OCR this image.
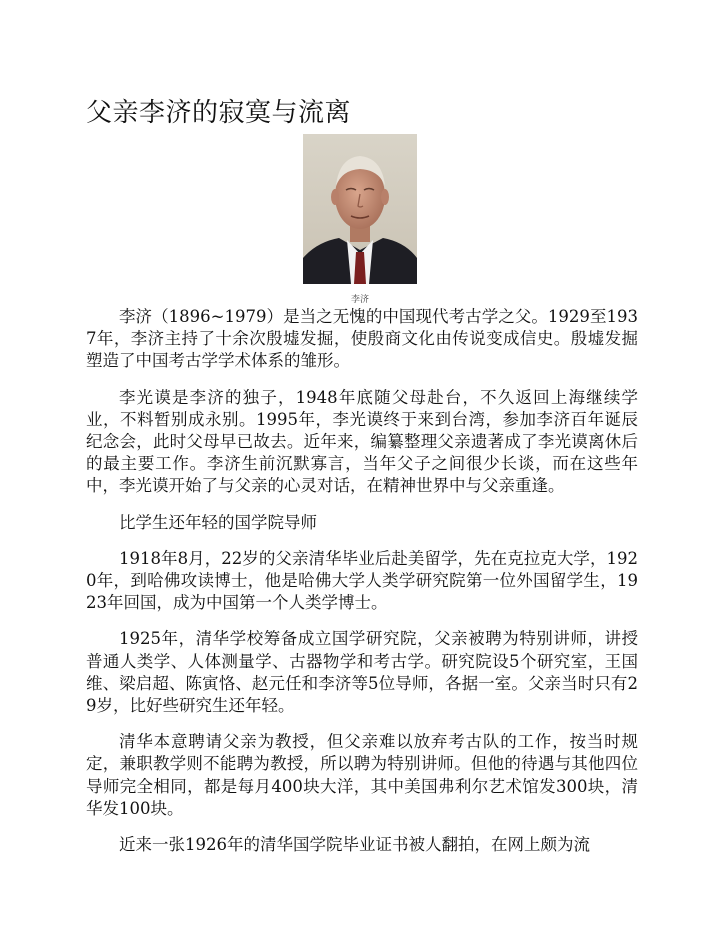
父亲李济的寂寞与流离
李济

李济（1896~1979）是当之无愧的中国现代考古学之父。1929至1937年，李济主持了十余次殷墟发掘，使殷商文化由传说变成信史。殷墟发掘塑造了中国考古学学术体系的雏形。

李光谟是李济的独子，1948年底随父母赴台，不久返回上海继续学业，不料暂别成永别。1995年，李光谟终于来到台湾，参加李济百年诞辰纪念会，此时父母早已故去。近年来，编纂整理父亲遗著成了李光谟离休后的最主要工作。李济生前沉默寡言，当年父子之间很少长谈，而在这些年中，李光谟开始了与父亲的心灵对话，在精神世界中与父亲重逢。

比学生还年轻的国学院导师

1918年8月，22岁的父亲清华毕业后赴美留学，先在克拉克大学，1920年，到哈佛攻读博士，他是哈佛大学人类学研究院第一位外国留学生，1923年回国，成为中国第一个人类学博士。

1925年，清华学校筹备成立国学研究院，父亲被聘为特别讲师，讲授普通人类学、人体测量学、古器物学和考古学。研究院设5个研究室，王国维、梁启超、陈寅恪、赵元任和李济等5位导师，各据一室。父亲当时只有29岁，比好些研究生还年轻。

清华本意聘请父亲为教授，但父亲难以放弃考古队的工作，按当时规定，兼职教学则不能聘为教授，所以聘为特别讲师。但他的待遇与其他四位导师完全相同，都是每月400块大洋，其中美国弗利尔艺术馆发300块，清华发100块。

近来一张1926年的清华国学院毕业证书被人翻拍，在网上颇为流
